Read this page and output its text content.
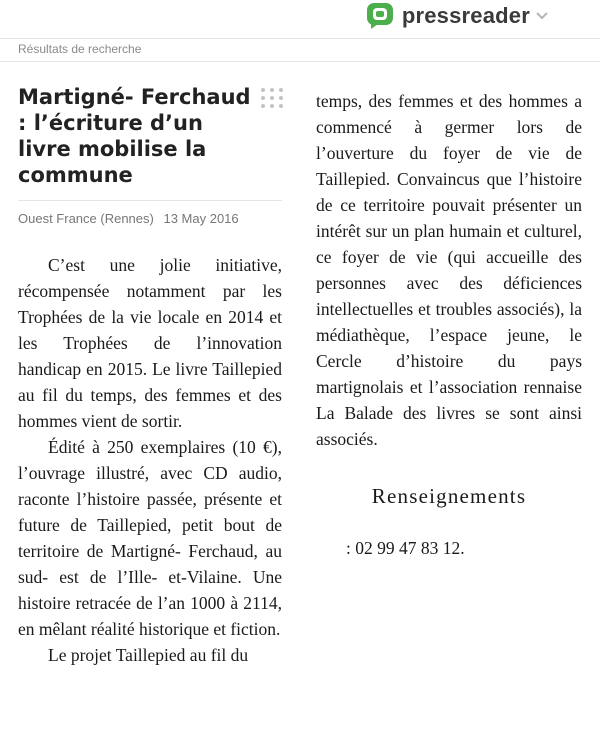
pressreader
Résultats de recherche
Martigné- Ferchaud : l’écriture d’un livre mobilise la commune
Ouest France (Rennes) 13 May 2016

C’est une jolie initiative, récompensée notamment par les Trophées de la vie locale en 2014 et les Trophées de l’innovation handicap en 2015. Le livre Taillepied au fil du temps, des femmes et des hommes vient de sortir.

Édité à 250 exemplaires (10 €), l’ouvrage illustré, avec CD audio, raconte l’histoire passée, présente et future de Taillepied, petit bout de territoire de Martigné- Ferchaud, au sud- est de l’Ille- et-Vilaine. Une histoire retracée de l’an 1000 à 2114, en mêlant réalité historique et fiction.

Le projet Taillepied au fil du

temps, des femmes et des hommes a commencé à germer lors de l’ouverture du foyer de vie de Taillepied. Convaincus que l’histoire de ce territoire pouvait présenter un intérêt sur un plan humain et culturel, ce foyer de vie (qui accueille des personnes avec des déficiences intellectuelles et troubles associés), la médiathèque, l’espace jeune, le Cercle d’histoire du pays martignolais et l’association rennaise La Balade des livres se sont ainsi associés.

Renseignements

: 02 99 47 83 12.
